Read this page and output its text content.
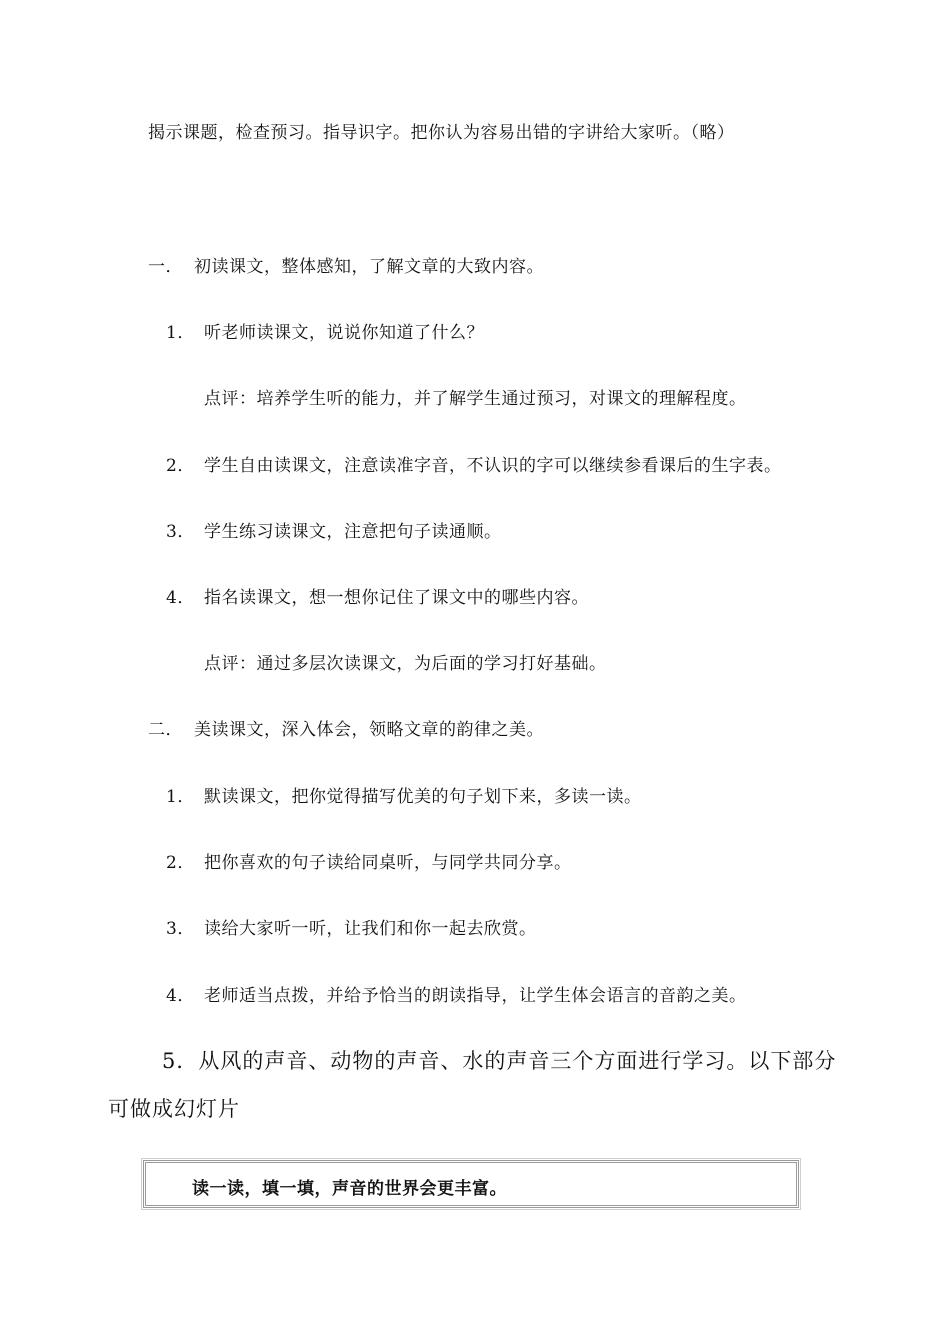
揭示课题，检查预习。指导识字。把你认为容易出错的字讲给大家听。（略）
一． 初读课文，整体感知，了解文章的大致内容。
1． 听老师读课文，说说你知道了什么？
点评：培养学生听的能力，并了解学生通过预习，对课文的理解程度。
2． 学生自由读课文，注意读准字音，不认识的字可以继续参看课后的生字表。
3． 学生练习读课文，注意把句子读通顺。
4． 指名读课文，想一想你记住了课文中的哪些内容。
点评：通过多层次读课文，为后面的学习打好基础。
二． 美读课文，深入体会，领略文章的韵律之美。
1． 默读课文，把你觉得描写优美的句子划下来，多读一读。
2． 把你喜欢的句子读给同桌听，与同学共同分享。
3． 读给大家听一听，让我们和你一起去欣赏。
4． 老师适当点拨，并给予恰当的朗读指导，让学生体会语言的音韵之美。
5．从风的声音、动物的声音、水的声音三个方面进行学习。以下部分
可做成幻灯片
读一读，填一填，声音的世界会更丰富。
